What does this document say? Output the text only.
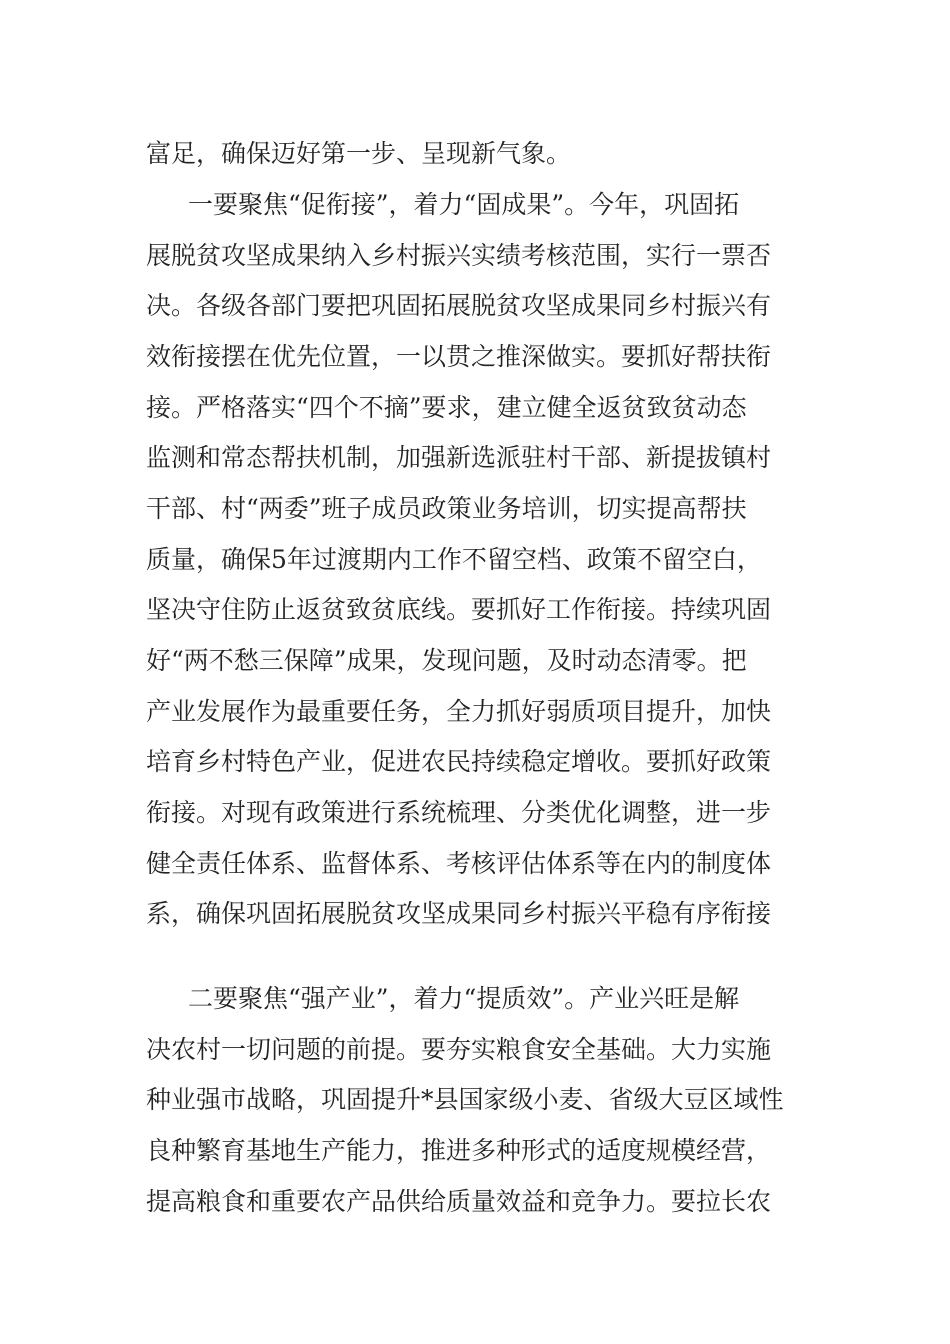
富足，确保迈好第一步、呈现新气象。
一要聚焦“促衔接”，着力“固成果”。今年，巩固拓
展脱贫攻坚成果纳入乡村振兴实绩考核范围，实行一票否
决。各级各部门要把巩固拓展脱贫攻坚成果同乡村振兴有
效衔接摆在优先位置，一以贯之推深做实。要抓好帮扶衔
接。严格落实“四个不摘”要求，建立健全返贫致贫动态
监测和常态帮扶机制，加强新选派驻村干部、新提拔镇村
干部、村“两委”班子成员政策业务培训，切实提高帮扶
质量，确保5年过渡期内工作不留空档、政策不留空白，
坚决守住防止返贫致贫底线。要抓好工作衔接。持续巩固
好“两不愁三保障”成果，发现问题，及时动态清零。把
产业发展作为最重要任务，全力抓好弱质项目提升，加快
培育乡村特色产业，促进农民持续稳定增收。要抓好政策
衔接。对现有政策进行系统梳理、分类优化调整，进一步
健全责任体系、监督体系、考核评估体系等在内的制度体
系，确保巩固拓展脱贫攻坚成果同乡村振兴平稳有序衔接
二要聚焦“强产业”，着力“提质效”。产业兴旺是解
决农村一切问题的前提。要夯实粮食安全基础。大力实施
种业强市战略，巩固提升*县国家级小麦、省级大豆区域性
良种繁育基地生产能力，推进多种形式的适度规模经营，
提高粮食和重要农产品供给质量效益和竞争力。要拉长农
